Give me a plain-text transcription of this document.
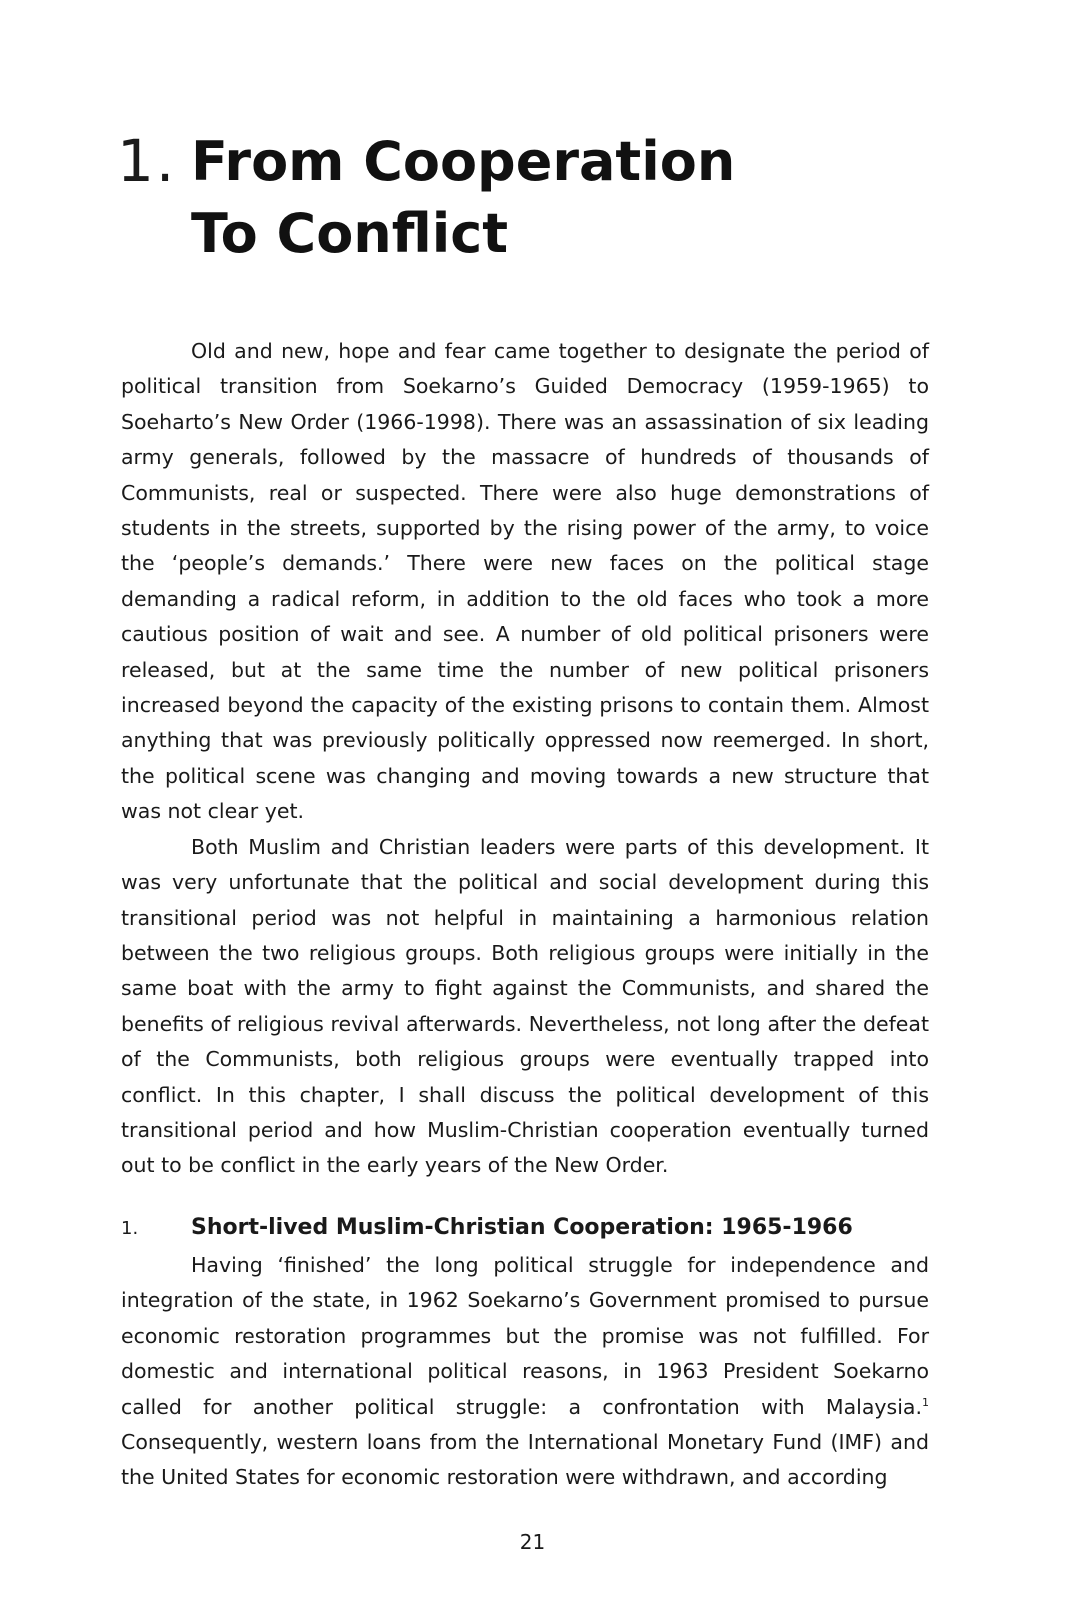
1. From Cooperation
To Conflict

Old and new, hope and fear came together to designate the period of political transition from Soekarno’s Guided Democracy (1959-1965) to Soeharto’s New Order (1966-1998). There was an assassination of six leading army generals, followed by the massacre of hundreds of thousands of Communists, real or suspected. There were also huge demonstrations of students in the streets, supported by the rising power of the army, to voice the ‘people’s demands.’ There were new faces on the political stage demanding a radical reform, in addition to the old faces who took a more cautious position of wait and see. A number of old political prisoners were released, but at the same time the number of new political prisoners increased beyond the capacity of the existing prisons to contain them. Almost anything that was previously politically oppressed now reemerged. In short, the political scene was changing and moving towards a new structure that was not clear yet.

Both Muslim and Christian leaders were parts of this development. It was very unfortunate that the political and social development during this transitional period was not helpful in maintaining a harmonious relation between the two religious groups. Both religious groups were initially in the same boat with the army to fight against the Communists, and shared the benefits of religious revival afterwards. Nevertheless, not long after the defeat of the Communists, both religious groups were eventually trapped into conflict. In this chapter, I shall discuss the political development of this transitional period and how Muslim-Christian cooperation eventually turned out to be conflict in the early years of the New Order.

1. Short-lived Muslim-Christian Cooperation: 1965-1966

Having ‘finished’ the long political struggle for independence and integration of the state, in 1962 Soekarno’s Government promised to pursue economic restoration programmes but the promise was not fulfilled. For domestic and international political reasons, in 1963 President Soekarno called for another political struggle: a confrontation with Malaysia.$^1$ Consequently, western loans from the International Monetary Fund (IMF) and the United States for economic restoration were withdrawn, and according

21
